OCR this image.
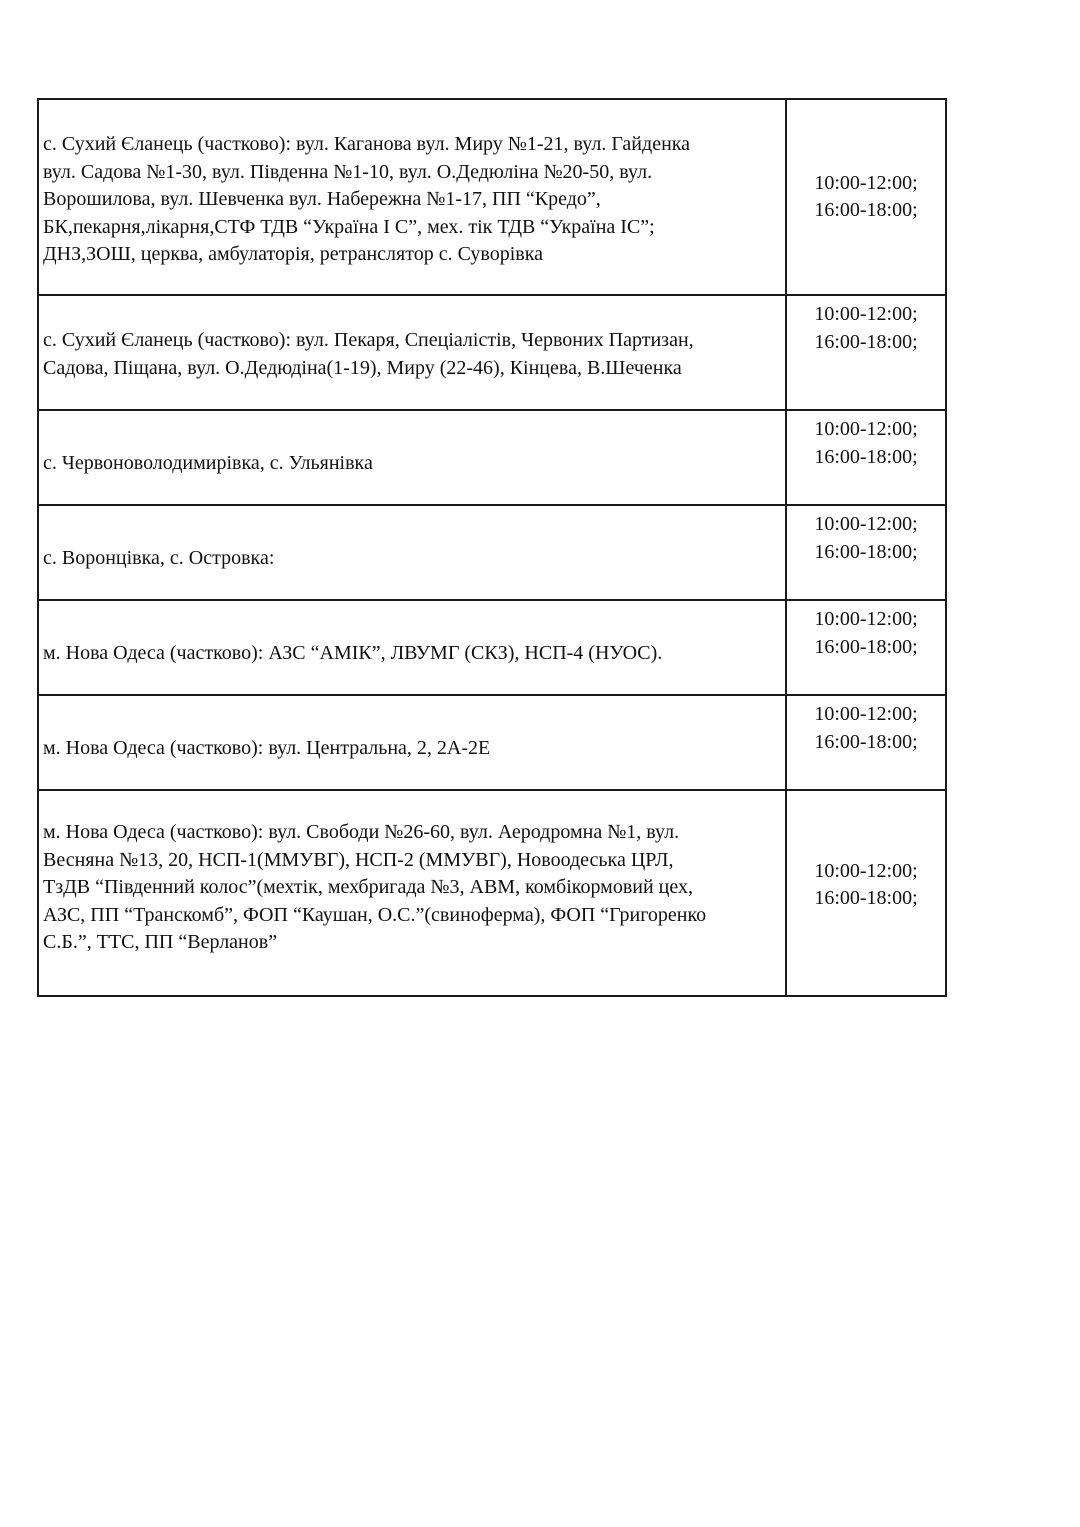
с. Сухий Єланець (частково): вул. Каганова вул. Миру №1-21, вул. Гайденка
вул. Садова №1-30, вул. Південна №1-10, вул. О.Дедюліна №20-50, вул.
Ворошилова, вул. Шевченка вул. Набережна №1-17, ПП “Кредо”,
БК,пекарня,лікарня,СТФ ТДВ “Україна І С”, мех. тік ТДВ “Україна ІС”;
ДНЗ,ЗОШ, церква, амбулаторія, ретранслятор с. Суворівка	10:00-12:00;
16:00-18:00;

с. Сухий Єланець (частково): вул. Пекаря, Спеціалістів, Червоних Партизан,
Садова, Піщана, вул. О.Дедюдіна(1-19), Миру (22-46), Кінцева, В.Шеченка	10:00-12:00;
16:00-18:00;

с. Червоноволодимирівка, с. Ульянівка	10:00-12:00;
16:00-18:00;

с. Воронцівка, с. Островка:	10:00-12:00;
16:00-18:00;

м. Нова Одеса (частково): АЗС “АМІК”, ЛВУМГ (СКЗ), НСП-4 (НУОС).	10:00-12:00;
16:00-18:00;

м. Нова Одеса (частково): вул. Центральна, 2, 2А-2Е	10:00-12:00;
16:00-18:00;

м. Нова Одеса (частково): вул. Свободи №26-60, вул. Аеродромна №1, вул.
Весняна №13, 20, НСП-1(ММУВГ), НСП-2 (ММУВГ), Новоодеська ЦРЛ,
ТзДВ “Південний колос”(мехтік, мехбригада №3, АВМ, комбікормовий цех,
АЗС, ПП “Транскомб”, ФОП “Каушан, О.С.”(свиноферма), ФОП “Григоренко
С.Б.”, ТТС, ПП “Верланов”	10:00-12:00;
16:00-18:00;
